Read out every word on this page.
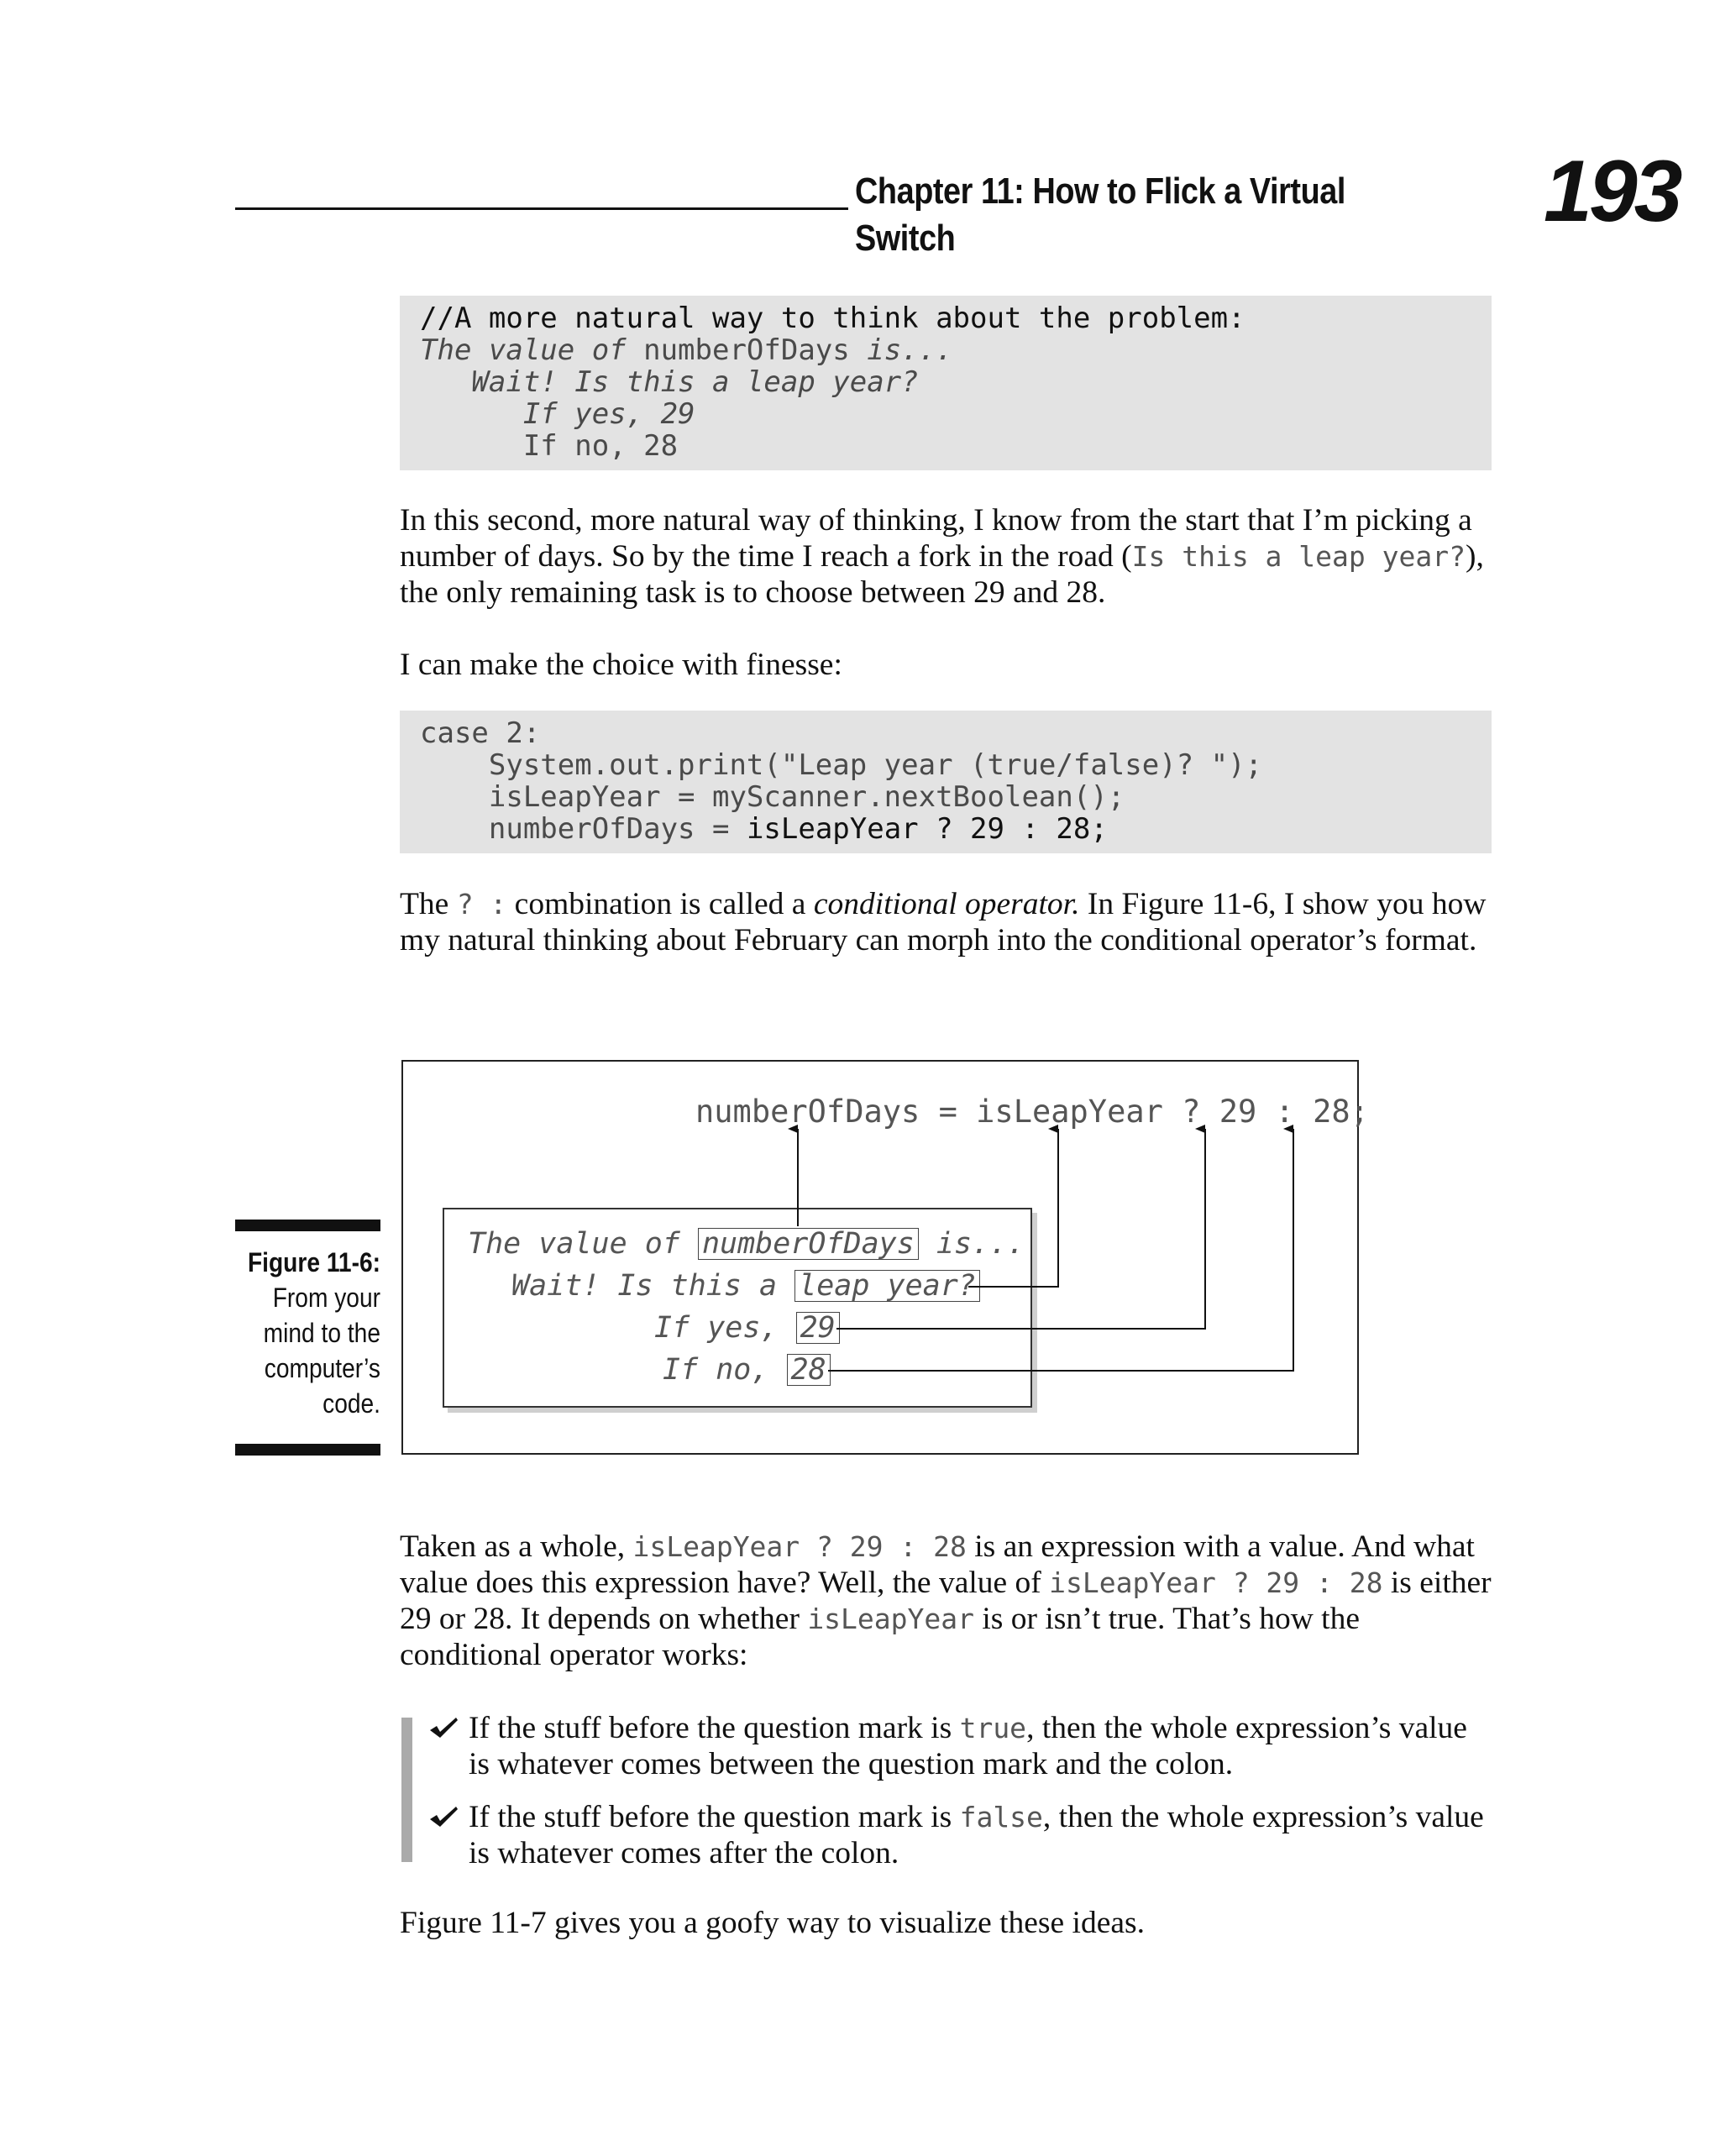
Chapter 11: How to Flick a Virtual Switch	193
//A more natural way to think about the problem:
The value of numberOfDays is...
Wait! Is this a leap year?
If yes, 29
If no, 28
In this second, more natural way of thinking, I know from the start that I’m picking a number of days. So by the time I reach a fork in the road (Is this a leap year?), the only remaining task is to choose between 29 and 28.
I can make the choice with finesse:
case 2:
System.out.print("Leap year (true/false)? ");
isLeapYear = myScanner.nextBoolean();
numberOfDays = isLeapYear ? 29 : 28;
The ? : combination is called a conditional operator. In Figure 11-6, I show you how my natural thinking about February can morph into the conditional operator’s format.
numberOfDays = isLeapYear ? 29 : 28;
The value of numberOfDays is...
Wait! Is this a leap year?
If yes, 29
If no, 28
Figure 11-6:
From your mind to the computer’s code.
Taken as a whole, isLeapYear ? 29 : 28 is an expression with a value. And what value does this expression have? Well, the value of isLeapYear ? 29 : 28 is either 29 or 28. It depends on whether isLeapYear is or isn’t true. That’s how the conditional operator works:
If the stuff before the question mark is true, then the whole expression’s value is whatever comes between the question mark and the colon.
If the stuff before the question mark is false, then the whole expression’s value is whatever comes after the colon.
Figure 11-7 gives you a goofy way to visualize these ideas.
